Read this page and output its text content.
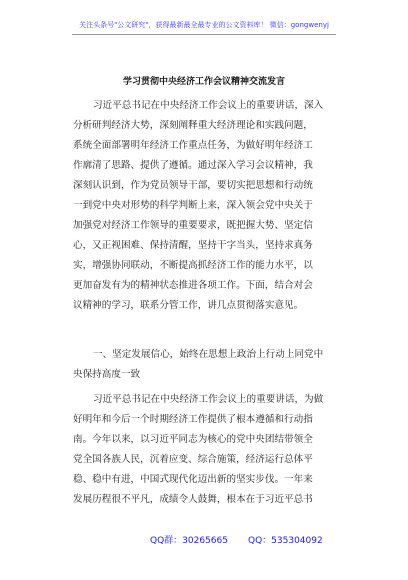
关注头条号"公文研究"，获得最新最全最专业的公文资料库！ 微信：gongwenyj
学习贯彻中央经济工作会议精神交流发言
习近平总书记在中央经济工作会议上的重要讲话，深入
分析研判经济大势，深刻阐释重大经济理论和实践问题，
系统全面部署明年经济工作重点任务，为做好明年经济工
作廓清了思路、提供了遵循。通过深入学习会议精神，我
深刻认识到，作为党员领导干部，要切实把思想和行动统
一到党中央对形势的科学判断上来，深入领会党中央关于
加强党对经济工作领导的重要要求，既把握大势、坚定信
心，又正视困难、保持清醒，坚持干字当头，坚持求真务
实，增强协同联动，不断提高抓经济工作的能力水平，以
更加奋发有为的精神状态推进各项工作。下面，结合对会
议精神的学习，联系分管工作，讲几点贯彻落实意见。
一、坚定发展信心，始终在思想上政治上行动上同党中
央保持高度一致
习近平总书记在中央经济工作会议上的重要讲话，为做
好明年和今后一个时期经济工作提供了根本遵循和行动指
南。今年以来，以习近平同志为核心的党中央团结带领全
党全国各族人民，沉着应变、综合施策，经济运行总体平
稳、稳中有进，中国式现代化迈出新的坚实步伐。一年来
发展历程很不平凡，成绩令人鼓舞，根本在于习近平总书
QQ群：30265665 QQ：535304092
